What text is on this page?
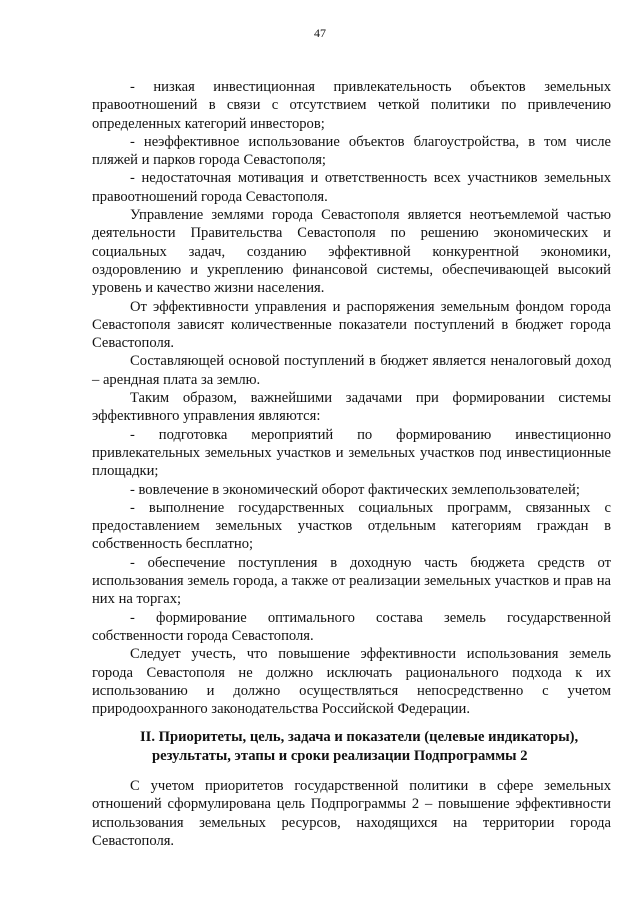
47

- низкая инвестиционная привлекательность объектов земельных правоотношений в связи с отсутствием четкой политики по привлечению определенных категорий инвесторов;

- неэффективное использование объектов благоустройства, в том числе пляжей и парков города Севастополя;

- недостаточная мотивация и ответственность всех участников земельных правоотношений города Севастополя.

Управление землями города Севастополя является неотъемлемой частью деятельности Правительства Севастополя по решению экономических и социальных задач, созданию эффективной конкурентной экономики, оздоровлению и укреплению финансовой системы, обеспечивающей высокий уровень и качество жизни населения.

От эффективности управления и распоряжения земельным фондом города Севастополя зависят количественные показатели поступлений в бюджет города Севастополя.

Составляющей основой поступлений в бюджет является неналоговый доход – арендная плата за землю.

Таким образом, важнейшими задачами при формировании системы эффективного управления являются:

- подготовка мероприятий по формированию инвестиционно привлекательных земельных участков и земельных участков под инвестиционные площадки;

- вовлечение в экономический оборот фактических землепользователей;

- выполнение государственных социальных программ, связанных с предоставлением земельных участков отдельным категориям граждан в собственность бесплатно;

- обеспечение поступления в доходную часть бюджета средств от использования земель города, а также от реализации земельных участков и прав на них на торгах;

- формирование оптимального состава земель государственной собственности города Севастополя.

Следует учесть, что повышение эффективности использования земель города Севастополя не должно исключать рационального подхода к их использованию и должно осуществляться непосредственно с учетом природоохранного законодательства Российской Федерации.

II. Приоритеты, цель, задача и показатели (целевые индикаторы),
результаты, этапы и сроки реализации Подпрограммы 2

С учетом приоритетов государственной политики в сфере земельных отношений сформулирована цель Подпрограммы 2 – повышение эффективности использования земельных ресурсов, находящихся на территории города Севастополя.
